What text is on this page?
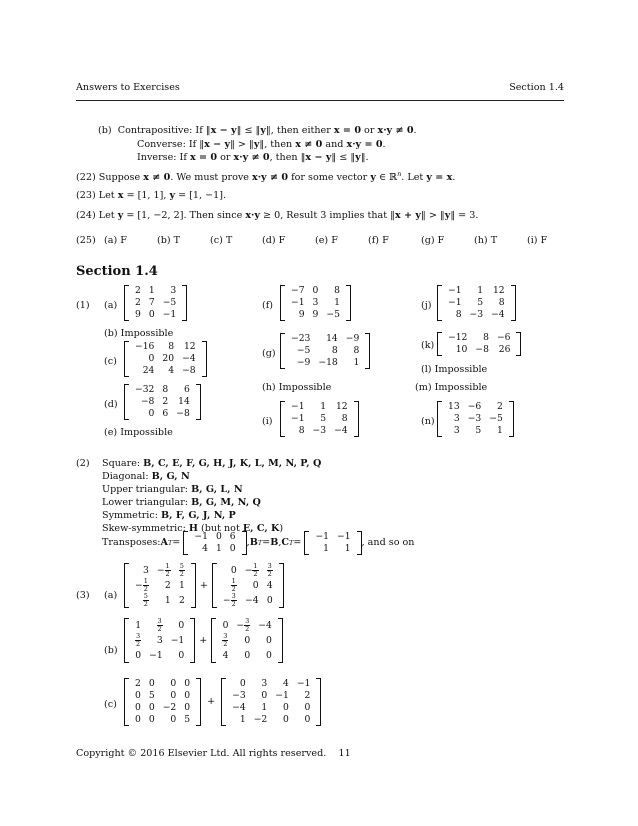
Answers to Exercises	Section 1.4
(b) Contrapositive: If ‖x − y‖ ≤ ‖y‖, then either x = 0 or x·y ≠ 0.
Converse: If ‖x − y‖ > ‖y‖, then x ≠ 0 and x·y = 0.
Inverse: If x = 0 or x·y ≠ 0, then ‖x − y‖ ≤ ‖y‖.
(22) Suppose x ≠ 0. We must prove x·y ≠ 0 for some vector y ∈ ℝ$^n$. Let y = x.
(23) Let x = [1, 1], y = [1, −1].
(24) Let y = [1, −2, 2]. Then since x·y ≥ 0, Result 3 implies that ‖x + y‖ > ‖y‖ = 3.
(25) (a) F	(b) T	(c) T	(d) F	(e) F	(f) F	(g) F	(h) T	(i) F
Section 1.4
(1) (a)
2	1	3
2	7	−5
9	0	−1
(b) Impossible
(c)
−16	8	12
0	20	−4
24	4	−8
(d)
−32	8	6
−8	2	14
0	6	−8
(e) Impossible
(f)
−7	0	8
−1	3	1
9	9	−5
(g)
−23	14	−9
−5	8	8
−9	−18	1
(h) Impossible
(i)
−1	1	12
−1	5	8
8	−3	−4
(j)
−1	1	12
−1	5	8
8	−3	−4
(k)
−12	8	−6
10	−8	26
(l) Impossible
(m) Impossible
(n)
13	−6	2
3	−3	−5
3	5	1
(2) Square: B, C, E, F, G, H, J, K, L, M, N, P, Q
Diagonal: B, G, N
Upper triangular: B, G, L, N
Lower triangular: B, G, M, N, Q
Symmetric: B, F, G, J, N, P
Skew-symmetric: H (but not E, C, K)
Transposes: A T =

−1	0	6
4	1	0
, B T = B , C T =

−1	−1
1	1
, and so on
(3) (a)
3	− $\frac{1}{2}$	$\frac{5}{2}$

− $\frac{1}{2}$	2	1

$\frac{5}{2}$	1	2
+
0	− $\frac{1}{2}$	$\frac{3}{2}$

$\frac{1}{2}$	0	4
− $\frac{3}{2}$	−4	0
(b)
1	$\frac{3}{2}$	0

$\frac{3}{2}$	3	−1
0	−1	0
+
0	− $\frac{3}{2}$	−4

$\frac{3}{2}$	0	0
4	0	0
(c)
2	0	0	0
0	5	0	0
0	0	−2	0
0	0	0	5
+
0	3	4	−1
−3	0	−1	2
−4	1	0	0
1	−2	0	0
Copyright © 2016 Elsevier Ltd. All rights reserved. 11
